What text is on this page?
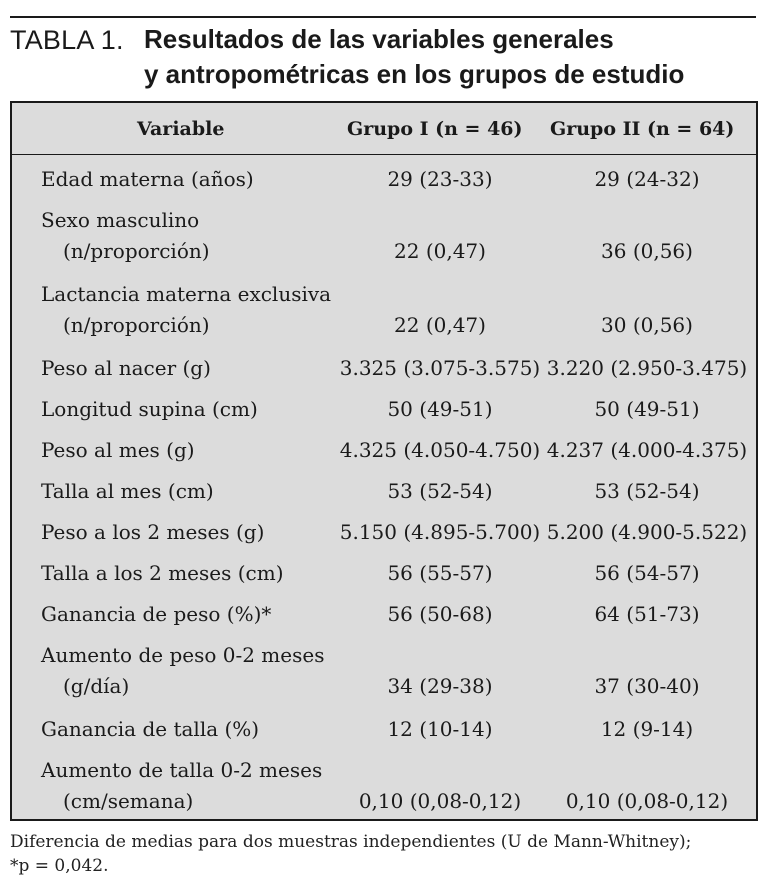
TABLA 1. Resultados de las variables generales
y antropométricas en los grupos de estudio
Variable	Grupo I (n = 46) Grupo II (n = 64)
Edad materna (años)	29 (23-33)	29 (24-32)
Sexo masculino
(n/proporción)	22 (0,47)	36 (0,56)
Lactancia materna exclusiva
(n/proporción)	22 (0,47)	30 (0,56)
Peso al nacer (g)	3.325 (3.075-3.575) 3.220 (2.950-3.475)
Longitud supina (cm)	50 (49-51)	50 (49-51)
Peso al mes (g)	4.325 (4.050-4.750) 4.237 (4.000-4.375)
Talla al mes (cm)	53 (52-54)	53 (52-54)
Peso a los 2 meses (g)	5.150 (4.895-5.700) 5.200 (4.900-5.522)
Talla a los 2 meses (cm)	56 (55-57)	56 (54-57)
Ganancia de peso (%)*	56 (50-68)	64 (51-73)
Aumento de peso 0-2 meses
(g/día)	34 (29-38)	37 (30-40)
Ganancia de talla (%)	12 (10-14)	12 (9-14)
Aumento de talla 0-2 meses
(cm/semana)	0,10 (0,08-0,12)	0,10 (0,08-0,12)
Diferencia de medias para dos muestras independientes (U de Mann-Whitney);
*p = 0,042.
